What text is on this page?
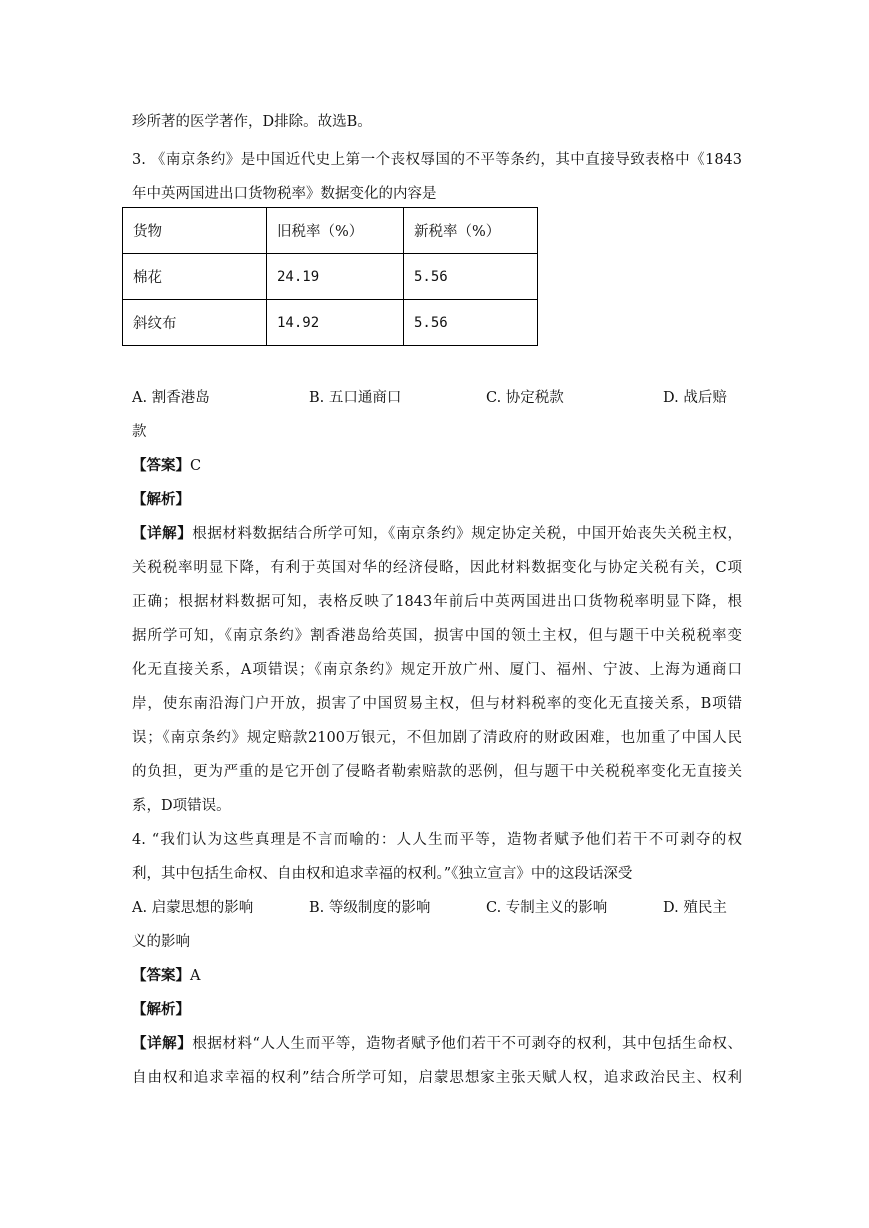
珍所著的医学著作，D排除。故选B。
3. 《南京条约》是中国近代史上第一个丧权辱国的不平等条约，其中直接导致表格中《1843
年中英两国进出口货物税率》数据变化的内容是
货物	旧税率（%）	新税率（%）
棉花	24.19	5.56
斜纹布	14.92	5.56
A. 割香港岛	B. 五口通商口	C. 协定税款	D. 战后赔
款
【答案】C
【解析】
【详解】根据材料数据结合所学可知，《南京条约》规定协定关税，中国开始丧失关税主权，
关税税率明显下降，有利于英国对华的经济侵略，因此材料数据变化与协定关税有关，C项
正确；根据材料数据可知，表格反映了1843年前后中英两国进出口货物税率明显下降，根
据所学可知，《南京条约》割香港岛给英国，损害中国的领土主权，但与题干中关税税率变
化无直接关系，A项错误；《南京条约》规定开放广州、厦门、福州、宁波、上海为通商口
岸，使东南沿海门户开放，损害了中国贸易主权，但与材料税率的变化无直接关系，B项错
误；《南京条约》规定赔款2100万银元，不但加剧了清政府的财政困难，也加重了中国人民
的负担，更为严重的是它开创了侵略者勒索赔款的恶例，但与题干中关税税率变化无直接关
系，D项错误。
4. “我们认为这些真理是不言而喻的：人人生而平等，造物者赋予他们若干不可剥夺的权
利，其中包括生命权、自由权和追求幸福的权利。”《独立宣言》中的这段话深受
A. 启蒙思想的影响	B. 等级制度的影响	C. 专制主义的影响	D. 殖民主
义的影响
【答案】A
【解析】
【详解】根据材料“人人生而平等，造物者赋予他们若干不可剥夺的权利，其中包括生命权、
自由权和追求幸福的权利”结合所学可知，启蒙思想家主张天赋人权，追求政治民主、权利
